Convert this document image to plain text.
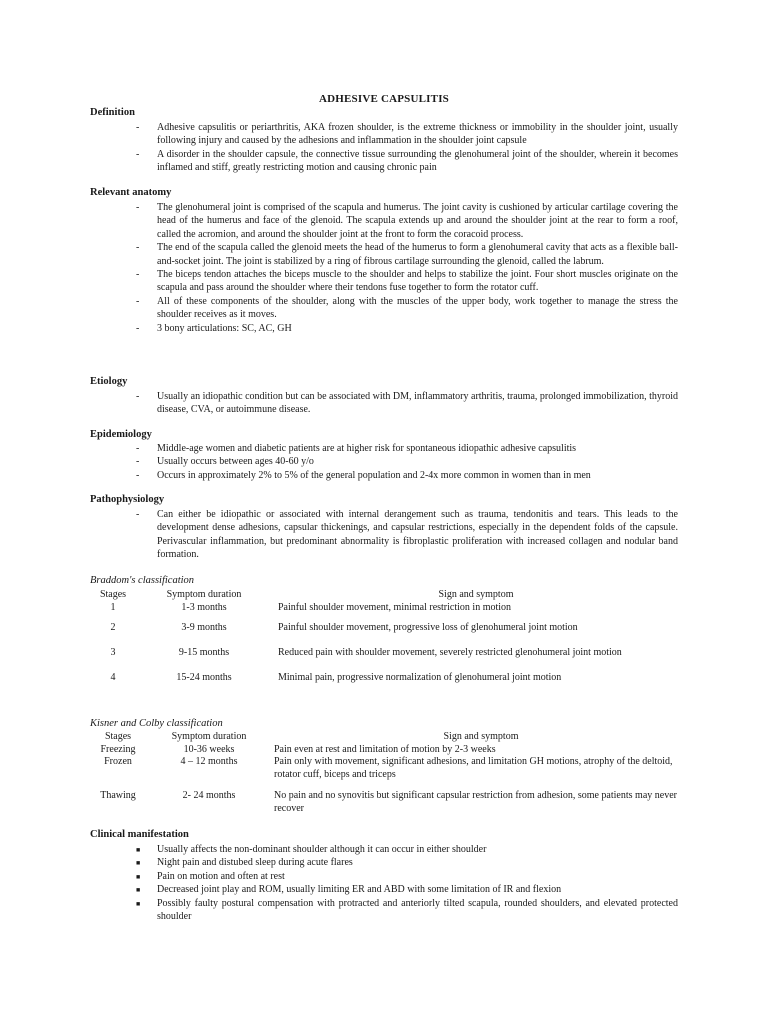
ADHESIVE CAPSULITIS
Definition
-	Adhesive capsulitis or periarthritis, AKA frozen shoulder, is the extreme thickness or immobility in the shoulder joint, usually following injury and caused by the adhesions and inflammation in the shoulder joint capsule
-	A disorder in the shoulder capsule, the connective tissue surrounding the glenohumeral joint of the shoulder, wherein it becomes inflamed and stiff, greatly restricting motion and causing chronic pain
Relevant anatomy
-	The glenohumeral joint is comprised of the scapula and humerus. The joint cavity is cushioned by articular cartilage covering the head of the humerus and face of the glenoid. The scapula extends up and around the shoulder joint at the rear to form a roof, called the acromion, and around the shoulder joint at the front to form the coracoid process.
-	The end of the scapula called the glenoid meets the head of the humerus to form a glenohumeral cavity that acts as a flexible ball-and-socket joint. The joint is stabilized by a ring of fibrous cartilage surrounding the glenoid, called the labrum.
-	The biceps tendon attaches the biceps muscle to the shoulder and helps to stabilize the joint. Four short muscles originate on the scapula and pass around the shoulder where their tendons fuse together to form the rotator cuff.
-	All of these components of the shoulder, along with the muscles of the upper body, work together to manage the stress the shoulder receives as it moves.
-	3 bony articulations: SC, AC, GH
Etiology
-	Usually an idiopathic condition but can be associated with DM, inflammatory arthritis, trauma, prolonged immobilization, thyroid disease, CVA, or autoimmune disease.
Epidemiology
-	Middle-age women and diabetic patients are at higher risk for spontaneous idiopathic adhesive capsulitis
-	Usually occurs between ages 40-60 y/o
-	Occurs in approximately 2% to 5% of the general population and 2-4x more common in women than in men
Pathophysiology
-	Can either be idiopathic or associated with internal derangement such as trauma, tendonitis and tears. This leads to the development dense adhesions, capsular thickenings, and capsular restrictions, especially in the dependent folds of the capsule. Perivascular inflammation, but predominant abnormality is fibroplastic proliferation with increased collagen and nodular band formation.
Braddom's classification
Stages	Symptom duration	Sign and symptom
1	1-3 months	Painful shoulder movement, minimal restriction in motion
2	3-9 months	Painful shoulder movement, progressive loss of glenohumeral joint motion
3	9-15 months	Reduced pain with shoulder movement, severely restricted glenohumeral joint motion
4	15-24 months	Minimal pain, progressive normalization of glenohumeral joint motion
Kisner and Colby classification
Stages	Symptom duration	Sign and symptom
Freezing	10-36 weeks	Pain even at rest and limitation of motion by 2-3 weeks
Frozen	4 – 12 months	Pain only with movement, significant adhesions, and limitation GH motions, atrophy of the deltoid, rotator cuff, biceps and triceps
Thawing	2- 24 months	No pain and no synovitis but significant capsular restriction from adhesion, some patients may never recover
Clinical manifestation
■	Usually affects the non-dominant shoulder although it can occur in either shoulder
■	Night pain and distubed sleep during acute flares
■	Pain on motion and often at rest
■	Decreased joint play and ROM, usually limiting ER and ABD with some limitation of IR and flexion
■	Possibly faulty postural compensation with protracted and anteriorly tilted scapula, rounded shoulders, and elevated protected shoulder
